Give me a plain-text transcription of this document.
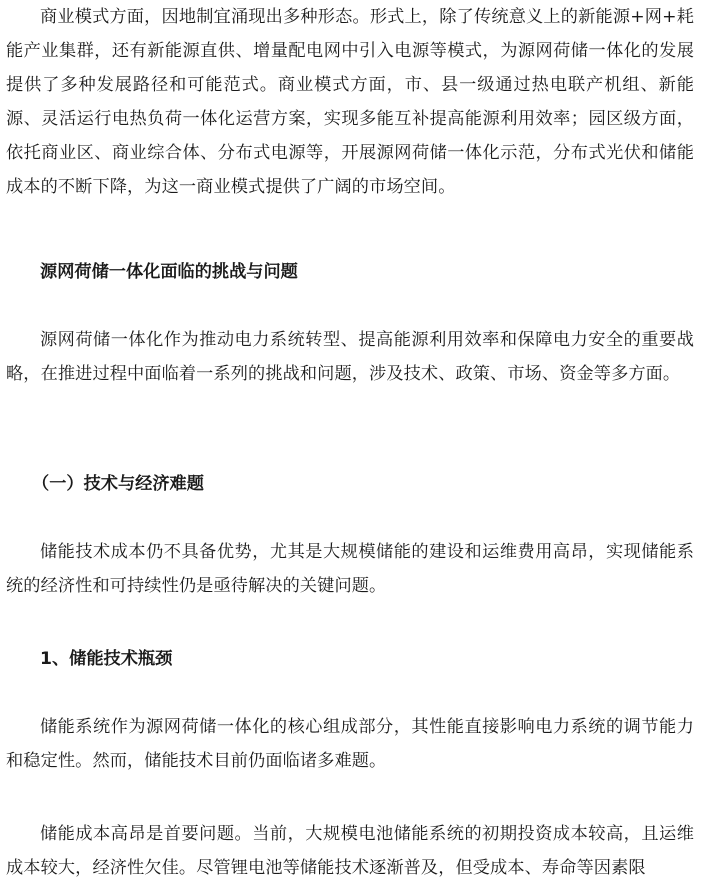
商业模式方面，因地制宜涌现出多种形态。形式上，除了传统意义上的新能源+网+耗能产业集群，还有新能源直供、增量配电网中引入电源等模式，为源网荷储一体化的发展提供了多种发展路径和可能范式。商业模式方面，市、县一级通过热电联产机组、新能源、灵活运行电热负荷一体化运营方案，实现多能互补提高能源利用效率；园区级方面，依托商业区、商业综合体、分布式电源等，开展源网荷储一体化示范，分布式光伏和储能成本的不断下降，为这一商业模式提供了广阔的市场空间。

源网荷储一体化面临的挑战与问题

源网荷储一体化作为推动电力系统转型、提高能源利用效率和保障电力安全的重要战略，在推进过程中面临着一系列的挑战和问题，涉及技术、政策、市场、资金等多方面。

（一）技术与经济难题

储能技术成本仍不具备优势，尤其是大规模储能的建设和运维费用高昂，实现储能系统的经济性和可持续性仍是亟待解决的关键问题。

1、储能技术瓶颈

储能系统作为源网荷储一体化的核心组成部分，其性能直接影响电力系统的调节能力和稳定性。然而，储能技术目前仍面临诸多难题。

储能成本高昂是首要问题。当前，大规模电池储能系统的初期投资成本较高，且运维成本较大，经济性欠佳。尽管锂电池等储能技术逐渐普及，但受成本、寿命等因素限
